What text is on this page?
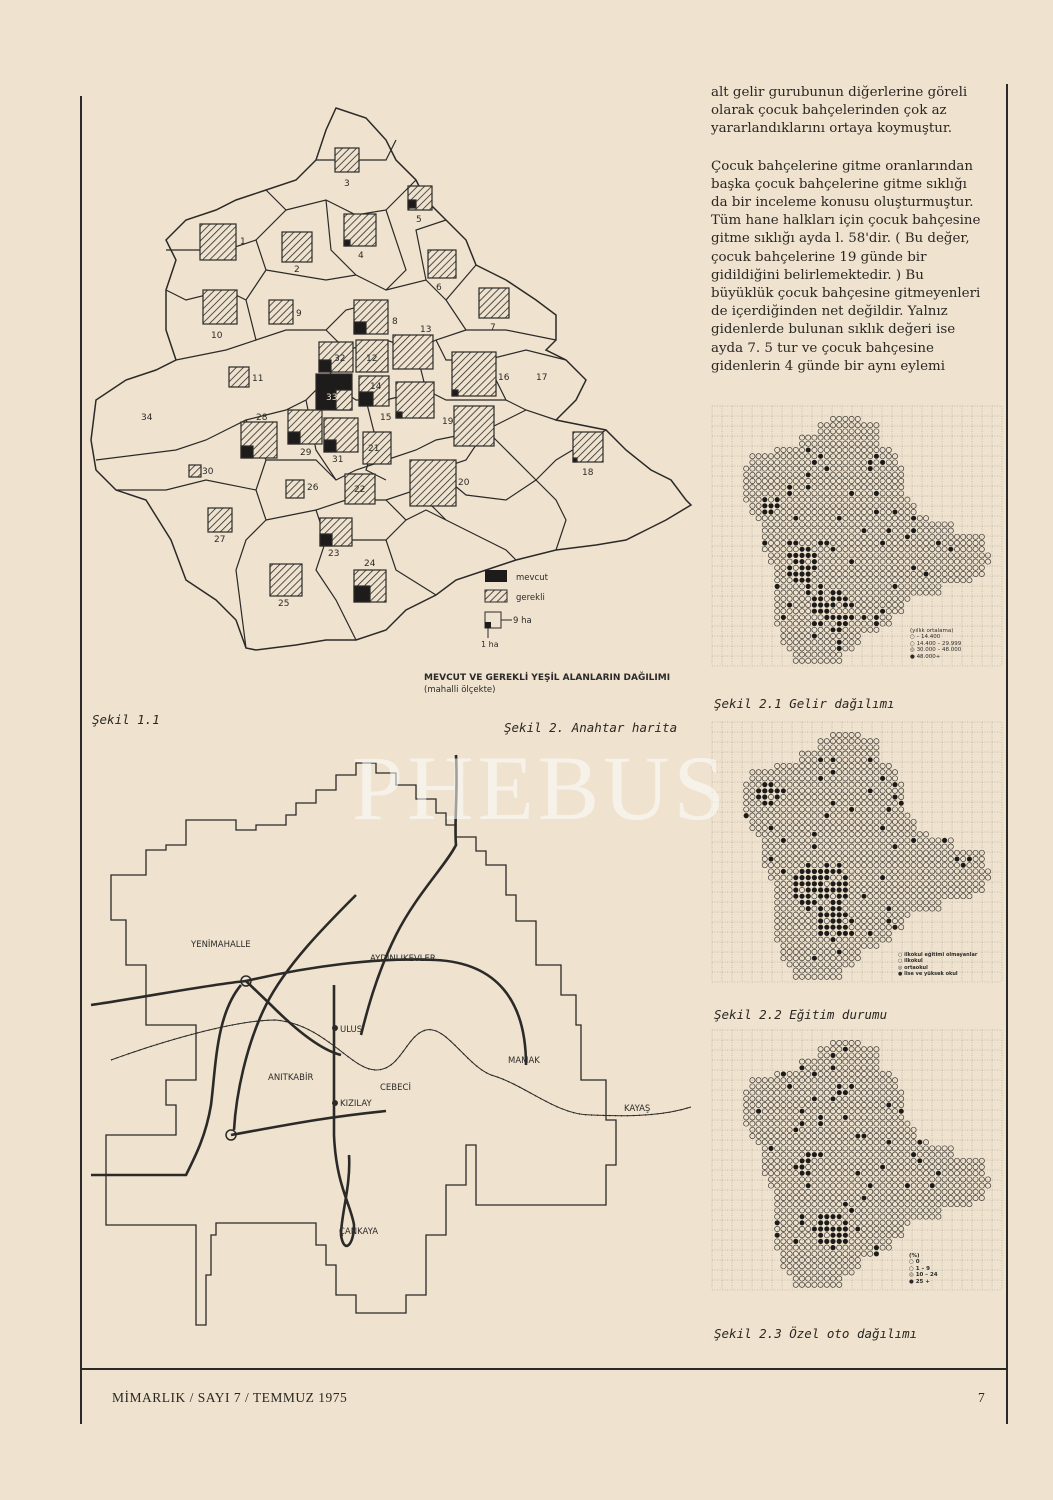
alt gelir gurubunun diğerlerine göreli
olarak çocuk bahçelerinden çok az
yararlandıklarını ortaya koymuştur.

Çocuk bahçelerine gitme oranlarından
başka çocuk bahçelerine gitme sıklığı
da bir inceleme konusu oluşturmuştur.
Tüm hane halkları için çocuk bahçesine
gitme sıklığı ayda l. 58'dir. ( Bu değer,
çocuk bahçelerine 19 günde bir
gidildiğini belirlemektedir. ) Bu
büyüklük çocuk bahçesine gitmeyenleri
de içerdiğinden net değildir. Yalnız
gidenlerde bulunan sıklık değeri ise
ayda 7. 5 tur ve çocuk bahçesine
gidenlerin 4 günde bir aynı eylemi

3
5
1
2
4
6
7
10
9
8
13
32 12
16	17
11
34
33
14
15	19
28
29
31
21
18
20
22
30
26
27
23
24
25
mevcut
gerekli
9 ha
1 ha
MEVCUT VE GEREKLİ YEŞİL ALANLARIN DAĞILIMI
(mahalli ölçekte)
Şekil 1.1
Şekil 2. Anahtar harita
YENİMAHALLE
AYDINLIKEVLER
ULUS
MAMAK
ANITKABİR
CEBECİ
KIZILAY	KAYAŞ
ÇANKAYA
Şekil 2.1 Gelir dağılımı
Şekil 2.2 Eğitim durumu
Şekil 2.3 Özel oto dağılımı
(yıllık ortalama)
○ – 14.400
○ 14.400 – 29.999
◎ 30.000 – 48.000
● 48.000+
○ ilkokul eğitimi olmayanlar
○ ilkokul
◎ ortaokul
● lise ve yüksek okul
(%)
○ 0
○ 1 – 9
◎ 10 – 24
● 25 +
PHEBUS
MİMARLIK / SAYI 7 / TEMMUZ 1975	7
